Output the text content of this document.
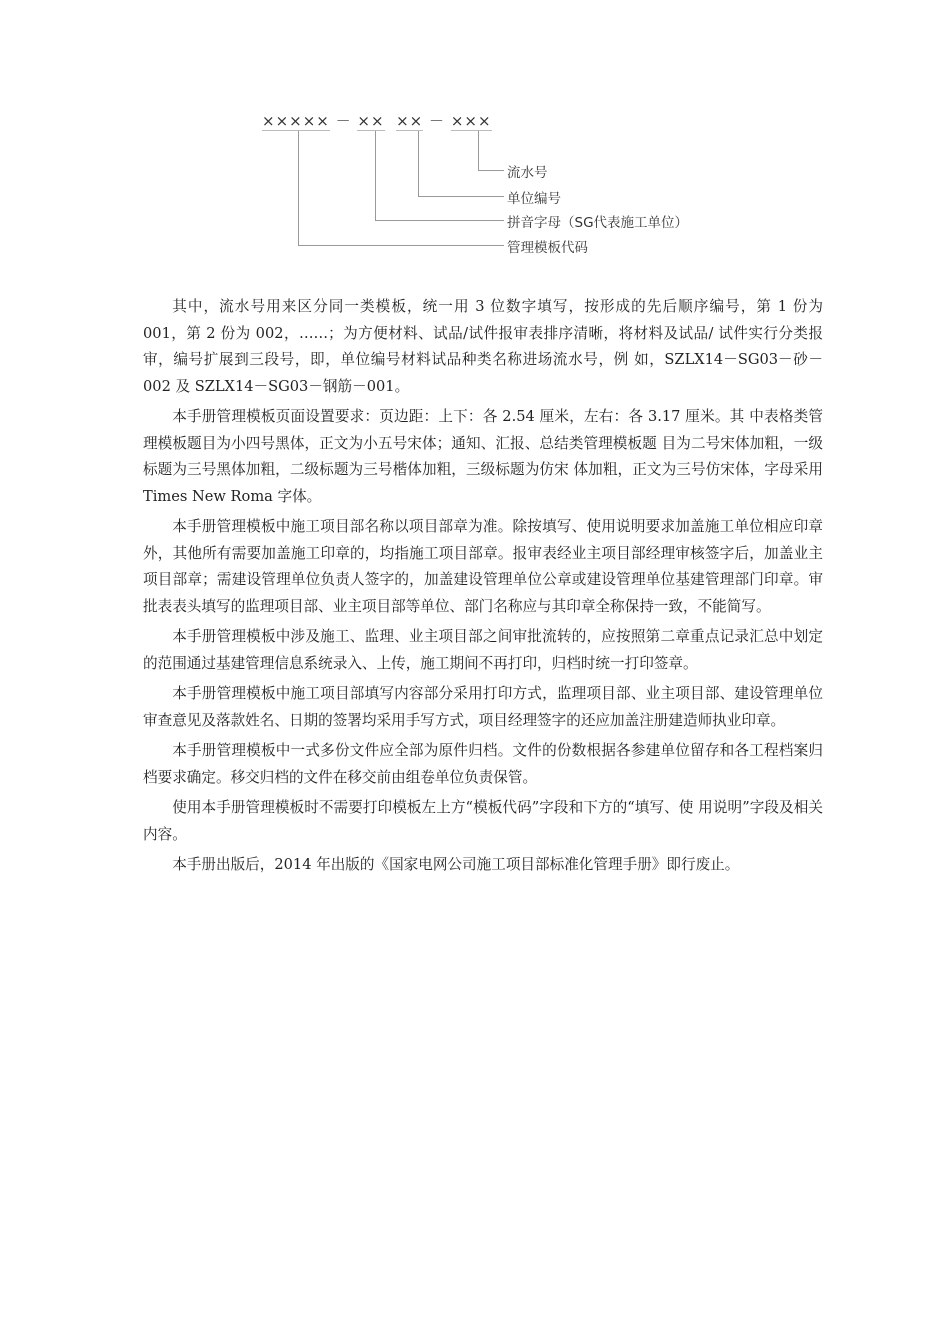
××××× － ×× ×× － ×××
流水号
单位编号
拼音字母（SG代表施工单位）
管理模板代码

其中，流水号用来区分同一类模板，统一用 3 位数字填写，按形成的先后顺序编号，第 1 份为 001，第 2 份为 002，……；为方便材料、试品/试件报审表排序清晰，将材料及试品/ 试件实行分类报审，编号扩展到三段号，即，单位编号材料试品种类名称进场流水号，例 如，SZLX14－SG03－砂－002 及 SZLX14－SG03－钢筋－001。

本手册管理模板页面设置要求：页边距：上下：各 2.54 厘米，左右：各 3.17 厘米。其 中表格类管理模板题目为小四号黑体，正文为小五号宋体；通知、汇报、总结类管理模板题 目为二号宋体加粗，一级标题为三号黑体加粗，二级标题为三号楷体加粗，三级标题为仿宋 体加粗，正文为三号仿宋体，字母采用 Times New Roma 字体。

本手册管理模板中施工项目部名称以项目部章为准。除按填写、使用说明要求加盖施工单位相应印章外，其他所有需要加盖施工印章的，均指施工项目部章。报审表经业主项目部经理审核签字后，加盖业主项目部章；需建设管理单位负责人签字的，加盖建设管理单位公章或建设管理单位基建管理部门印章。审批表表头填写的监理项目部、业主项目部等单位、部门名称应与其印章全称保持一致，不能简写。

本手册管理模板中涉及施工、监理、业主项目部之间审批流转的，应按照第二章重点记录汇总中划定的范围通过基建管理信息系统录入、上传，施工期间不再打印，归档时统一打印签章。

本手册管理模板中施工项目部填写内容部分采用打印方式，监理项目部、业主项目部、建设管理单位审查意见及落款姓名、日期的签署均采用手写方式，项目经理签字的还应加盖注册建造师执业印章。

本手册管理模板中一式多份文件应全部为原件归档。文件的份数根据各参建单位留存和各工程档案归档要求确定。移交归档的文件在移交前由组卷单位负责保管。

使用本手册管理模板时不需要打印模板左上方“模板代码”字段和下方的“填写、使 用说明”字段及相关内容。

本手册出版后，2014 年出版的《国家电网公司施工项目部标准化管理手册》即行废止。
